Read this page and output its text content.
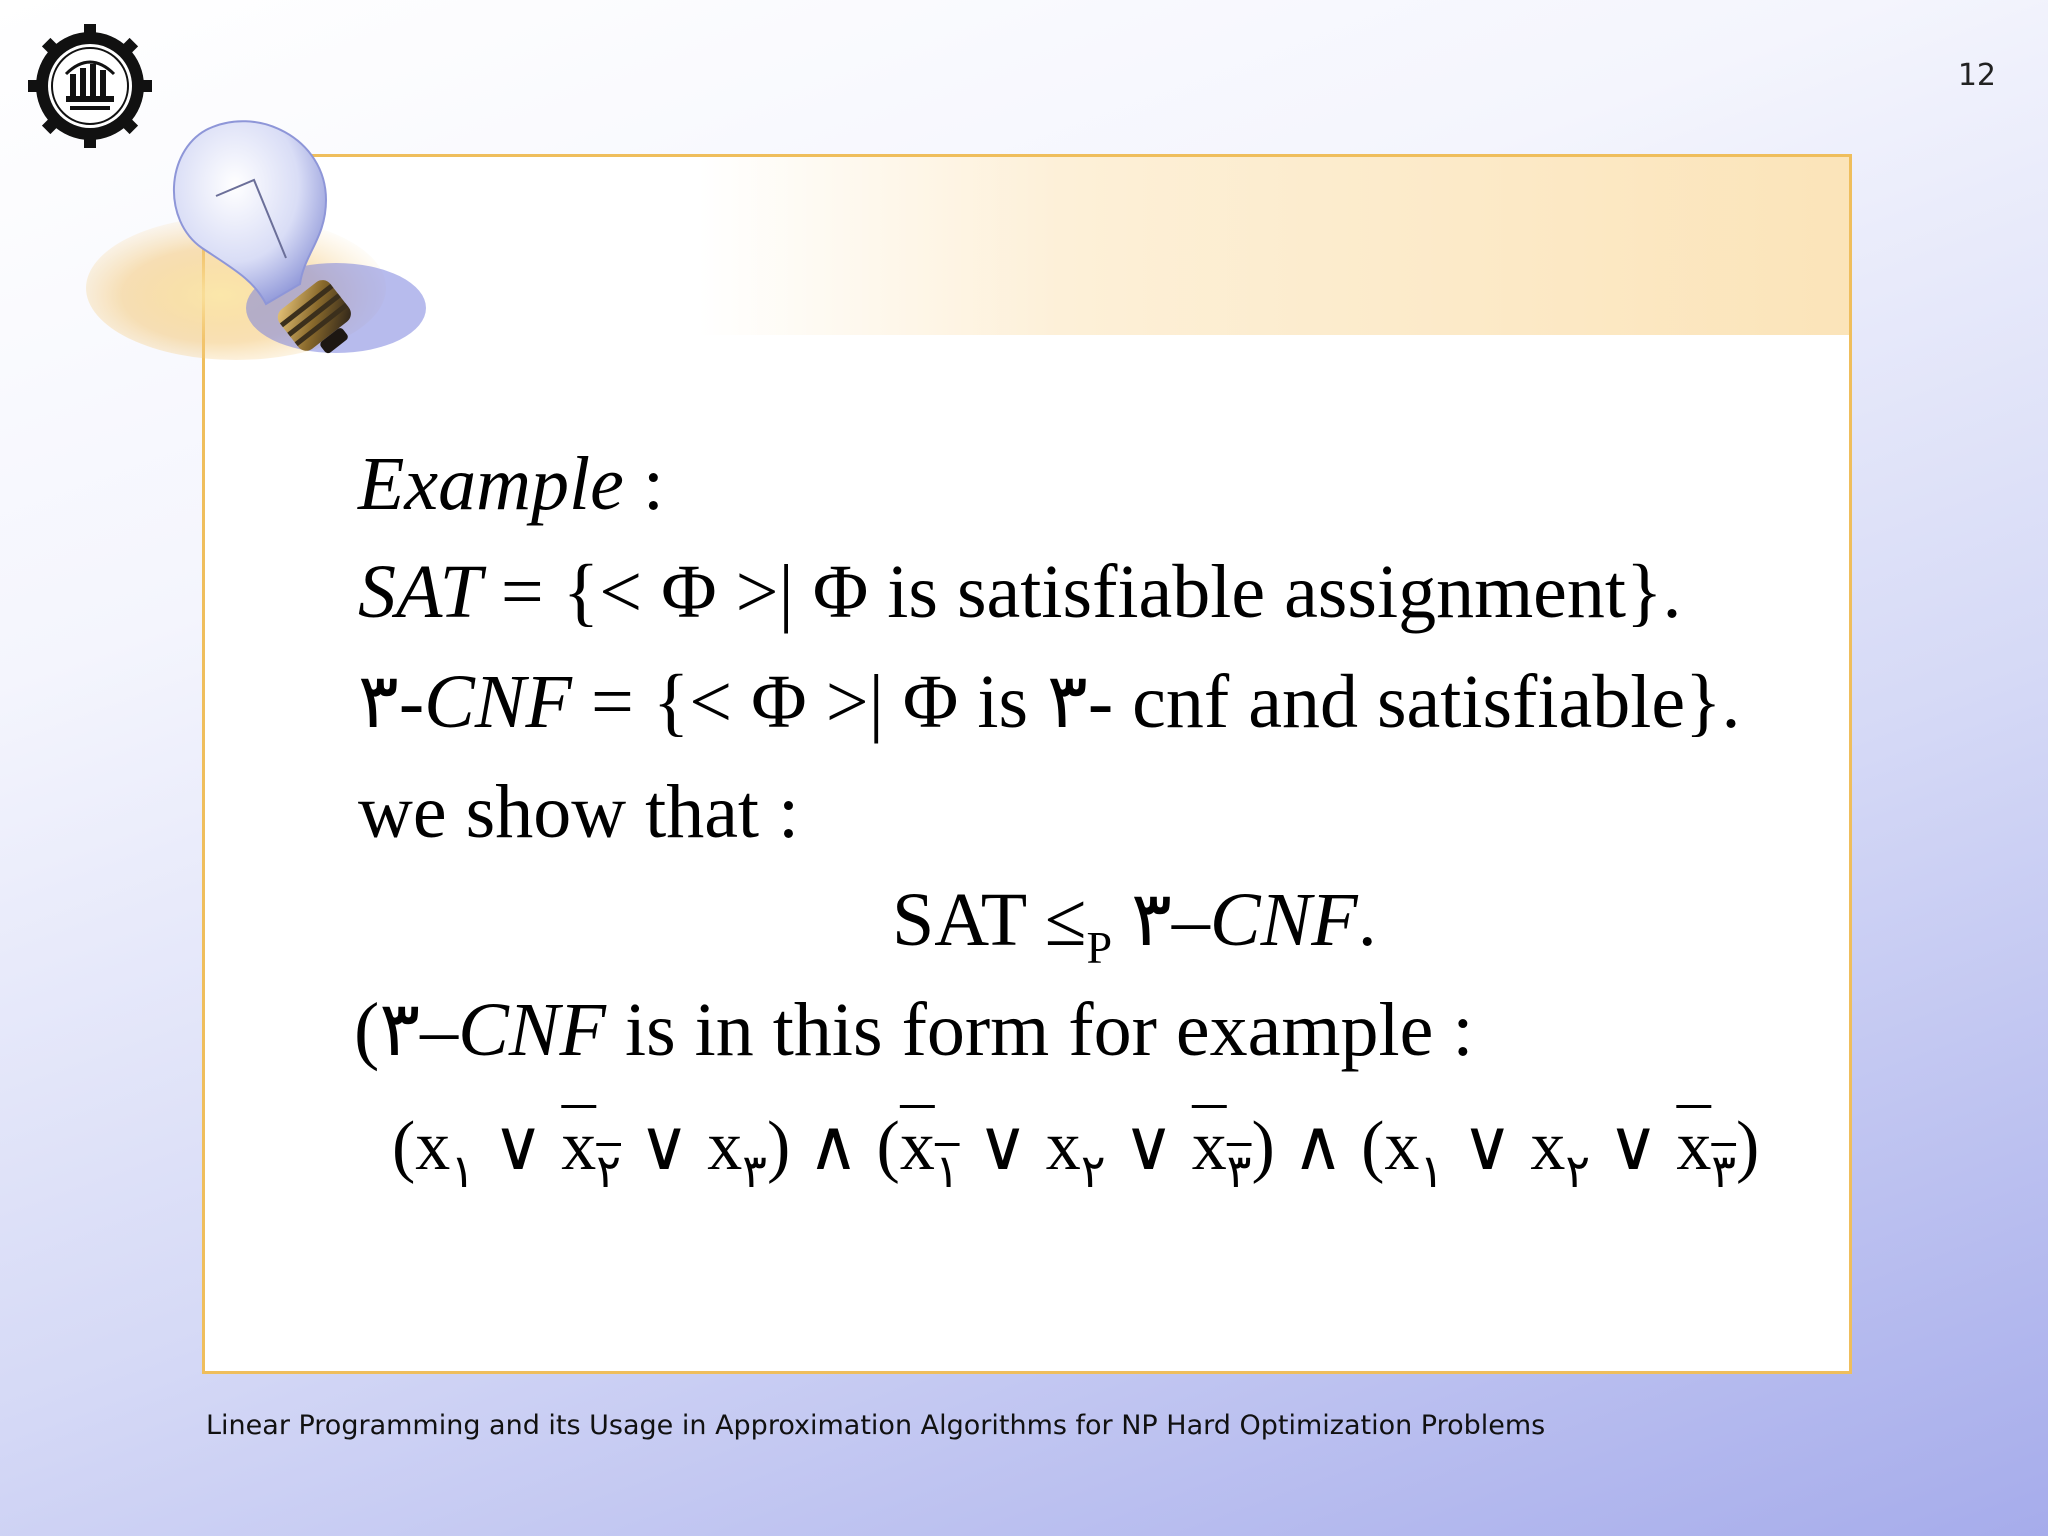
12
Example :
SAT = {< Φ >| Φ is satisfiable assignment}.
٣-CNF = {< Φ >| Φ is ٣- cnf and satisfiable}.
we show that :
SAT $\le_P$ ٣–CNF.
(٣–CNF is in this form for example :
($x_١$ ∨ $x_٢$ ∨ $x_٣$) ∧ ($x_١$ ∨ $x_٢$ ∨ $x_٣$) ∧ ($x_١$ ∨ $x_٢$ ∨ $x_٣$)
Linear Programming and its Usage in Approximation Algorithms for NP Hard Optimization Problems
